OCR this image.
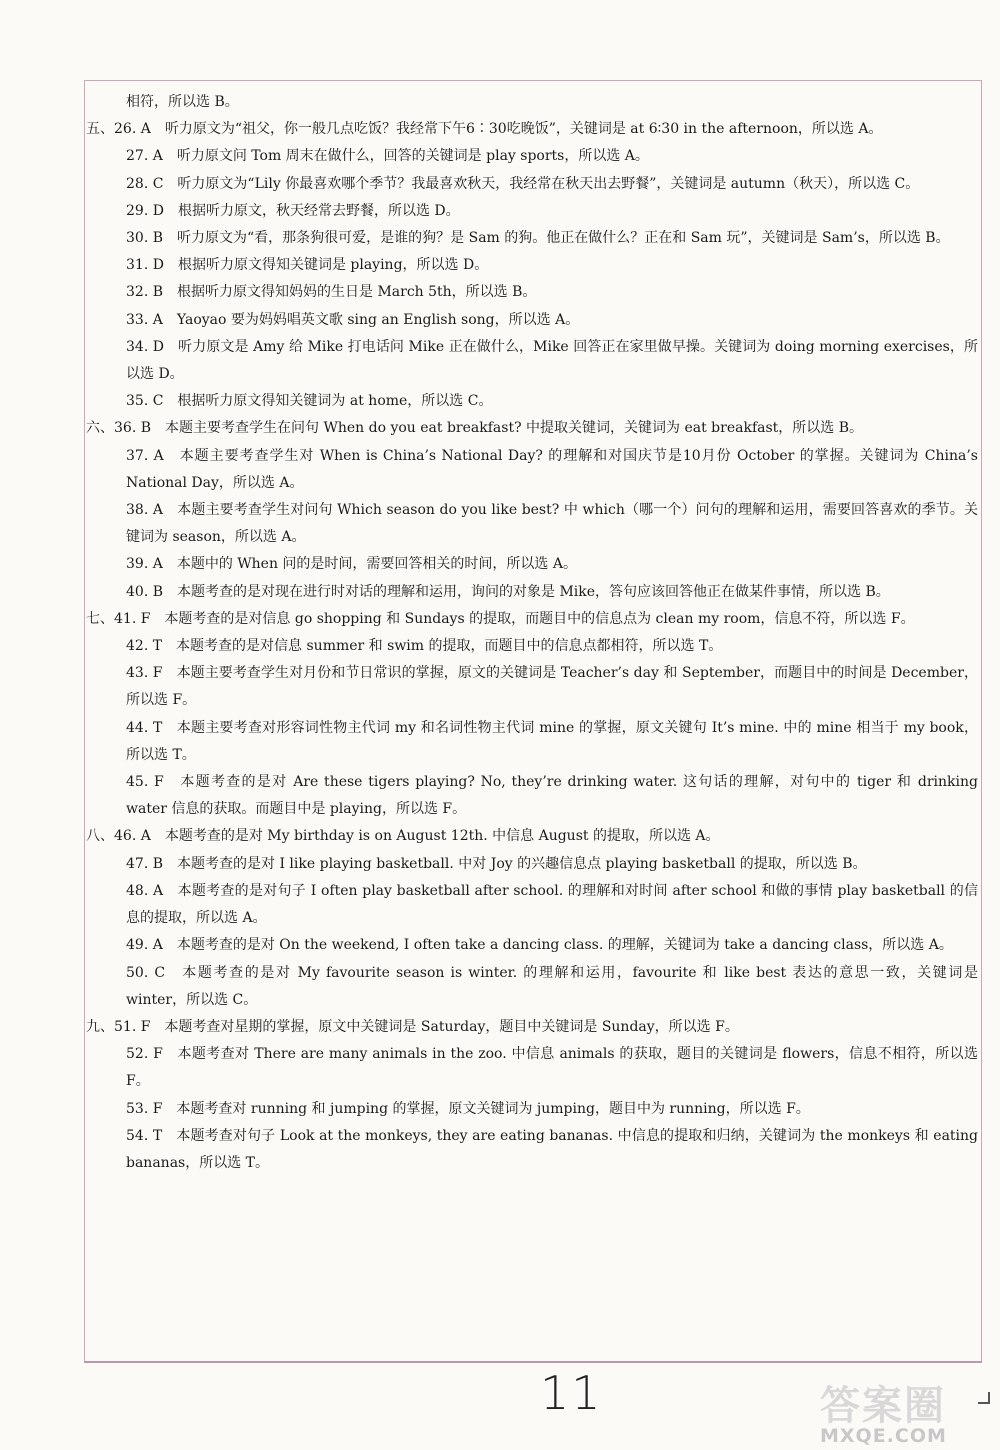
相符，所以选 B。
五、26. A　听力原文为“祖父，你一般几点吃饭？我经常下午6∶30吃晚饭”，关键词是 at 6∶30 in the afternoon，所以选 A。
27. A　听力原文问 Tom 周末在做什么，回答的关键词是 play sports，所以选 A。
28. C　听力原文为“Lily 你最喜欢哪个季节？我最喜欢秋天，我经常在秋天出去野餐”，关键词是 autumn（秋天），所以选 C。
29. D　根据听力原文，秋天经常去野餐，所以选 D。
30. B　听力原文为“看，那条狗很可爱，是谁的狗？是 Sam 的狗。他正在做什么？正在和 Sam 玩”，关键词是 Sam’s，所以选 B。
31. D　根据听力原文得知关键词是 playing，所以选 D。
32. B　根据听力原文得知妈妈的生日是 March 5th，所以选 B。
33. A　Yaoyao 要为妈妈唱英文歌 sing an English song，所以选 A。
34. D　听力原文是 Amy 给 Mike 打电话问 Mike 正在做什么，Mike 回答正在家里做早操。关键词为 doing morning exercises，所以选 D。
35. C　根据听力原文得知关键词为 at home，所以选 C。
六、36. B　本题主要考查学生在问句 When do you eat breakfast? 中提取关键词，关键词为 eat breakfast，所以选 B。
37. A　本题主要考查学生对 When is China’s National Day? 的理解和对国庆节是10月份 October 的掌握。关键词为 China’s National Day，所以选 A。
38. A　本题主要考查学生对问句 Which season do you like best? 中 which（哪一个）问句的理解和运用，需要回答喜欢的季节。关键词为 season，所以选 A。
39. A　本题中的 When 问的是时间，需要回答相关的时间，所以选 A。
40. B　本题考查的是对现在进行时对话的理解和运用，询问的对象是 Mike，答句应该回答他正在做某件事情，所以选 B。
七、41. F　本题考查的是对信息 go shopping 和 Sundays 的提取，而题目中的信息点为 clean my room，信息不符，所以选 F。
42. T　本题考查的是对信息 summer 和 swim 的提取，而题目中的信息点都相符，所以选 T。
43. F　本题主要考查学生对月份和节日常识的掌握，原文的关键词是 Teacher’s day 和 September，而题目中的时间是 December，所以选 F。
44. T　本题主要考查对形容词性物主代词 my 和名词性物主代词 mine 的掌握，原文关键句 It’s mine. 中的 mine 相当于 my book，所以选 T。
45. F　本题考查的是对 Are these tigers playing? No, they’re drinking water. 这句话的理解，对句中的 tiger 和 drinking water 信息的获取。而题目中是 playing，所以选 F。
八、46. A　本题考查的是对 My birthday is on August 12th. 中信息 August 的提取，所以选 A。
47. B　本题考查的是对 I like playing basketball. 中对 Joy 的兴趣信息点 playing basketball 的提取，所以选 B。
48. A　本题考查的是对句子 I often play basketball after school. 的理解和对时间 after school 和做的事情 play basketball 的信息的提取，所以选 A。
49. A　本题考查的是对 On the weekend, I often take a dancing class. 的理解，关键词为 take a dancing class，所以选 A。
50. C　本题考查的是对 My favourite season is winter. 的理解和运用，favourite 和 like best 表达的意思一致，关键词是 winter，所以选 C。
九、51. F　本题考查对星期的掌握，原文中关键词是 Saturday，题目中关键词是 Sunday，所以选 F。
52. F　本题考查对 There are many animals in the zoo. 中信息 animals 的获取，题目的关键词是 flowers，信息不相符，所以选 F。
53. F　本题考查对 running 和 jumping 的掌握，原文关键词为 jumping，题目中为 running，所以选 F。
54. T　本题考查对句子 Look at the monkeys, they are eating bananas. 中信息的提取和归纳，关键词为 the monkeys 和 eating bananas，所以选 T。
11	答案圈
MXQE.COM
